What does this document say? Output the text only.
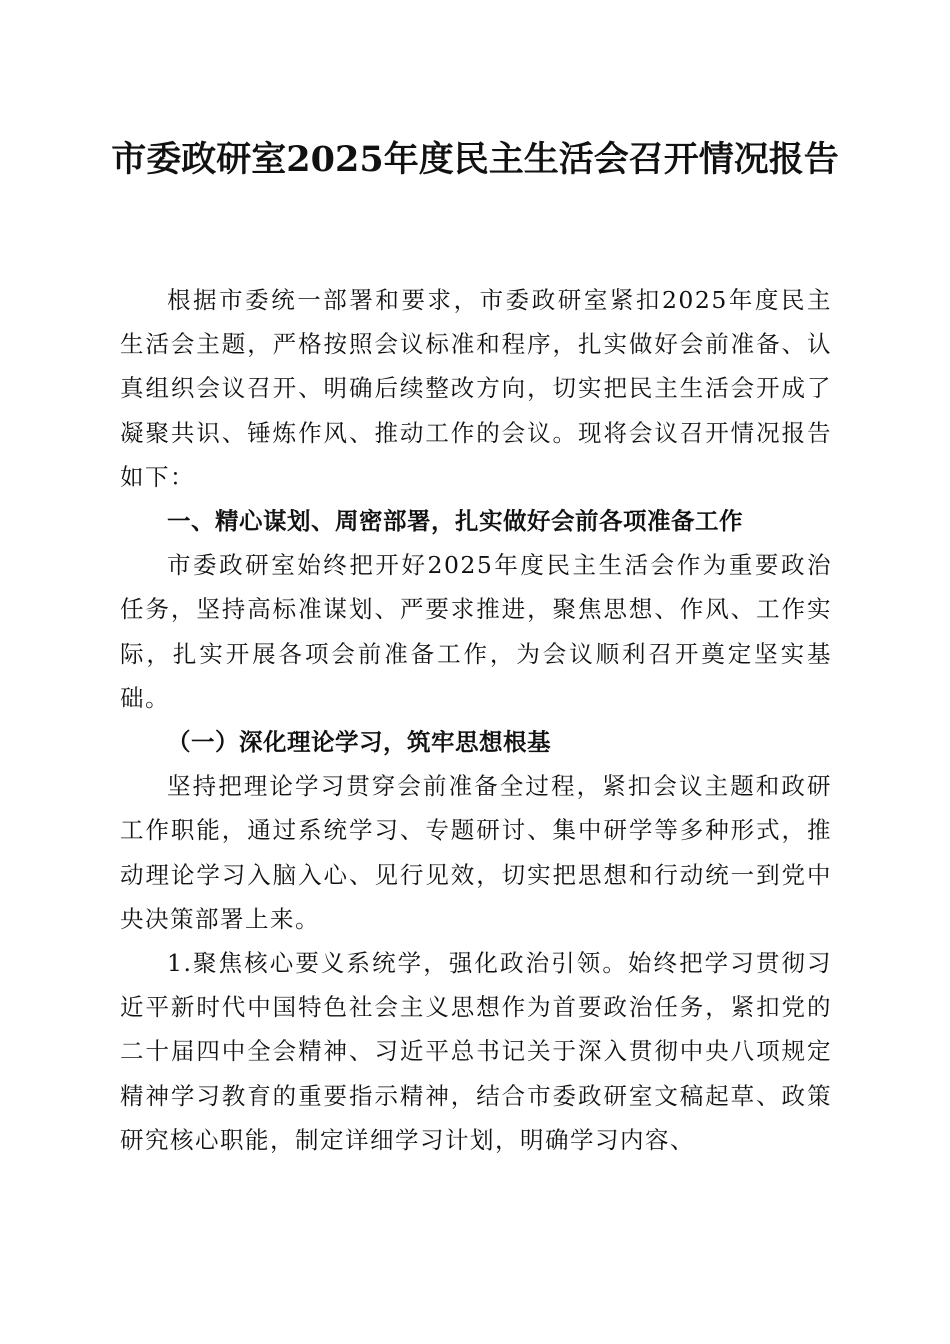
市委政研室2025年度民主生活会召开情况报告

根据市委统一部署和要求，市委政研室紧扣2025年度民主生活会主题，严格按照会议标准和程序，扎实做好会前准备、认真组织会议召开、明确后续整改方向，切实把民主生活会开成了凝聚共识、锤炼作风、推动工作的会议。现将会议召开情况报告如下：

一、精心谋划、周密部署，扎实做好会前各项准备工作

市委政研室始终把开好2025年度民主生活会作为重要政治任务，坚持高标准谋划、严要求推进，聚焦思想、作风、工作实际，扎实开展各项会前准备工作，为会议顺利召开奠定坚实基础。

（一）深化理论学习，筑牢思想根基

坚持把理论学习贯穿会前准备全过程，紧扣会议主题和政研工作职能，通过系统学习、专题研讨、集中研学等多种形式，推动理论学习入脑入心、见行见效，切实把思想和行动统一到党中央决策部署上来。

1.聚焦核心要义系统学，强化政治引领。始终把学习贯彻习近平新时代中国特色社会主义思想作为首要政治任务，紧扣党的二十届四中全会精神、习近平总书记关于深入贯彻中央八项规定精神学习教育的重要指示精神，结合市委政研室文稿起草、政策研究核心职能，制定详细学习计划，明确学习内容、
